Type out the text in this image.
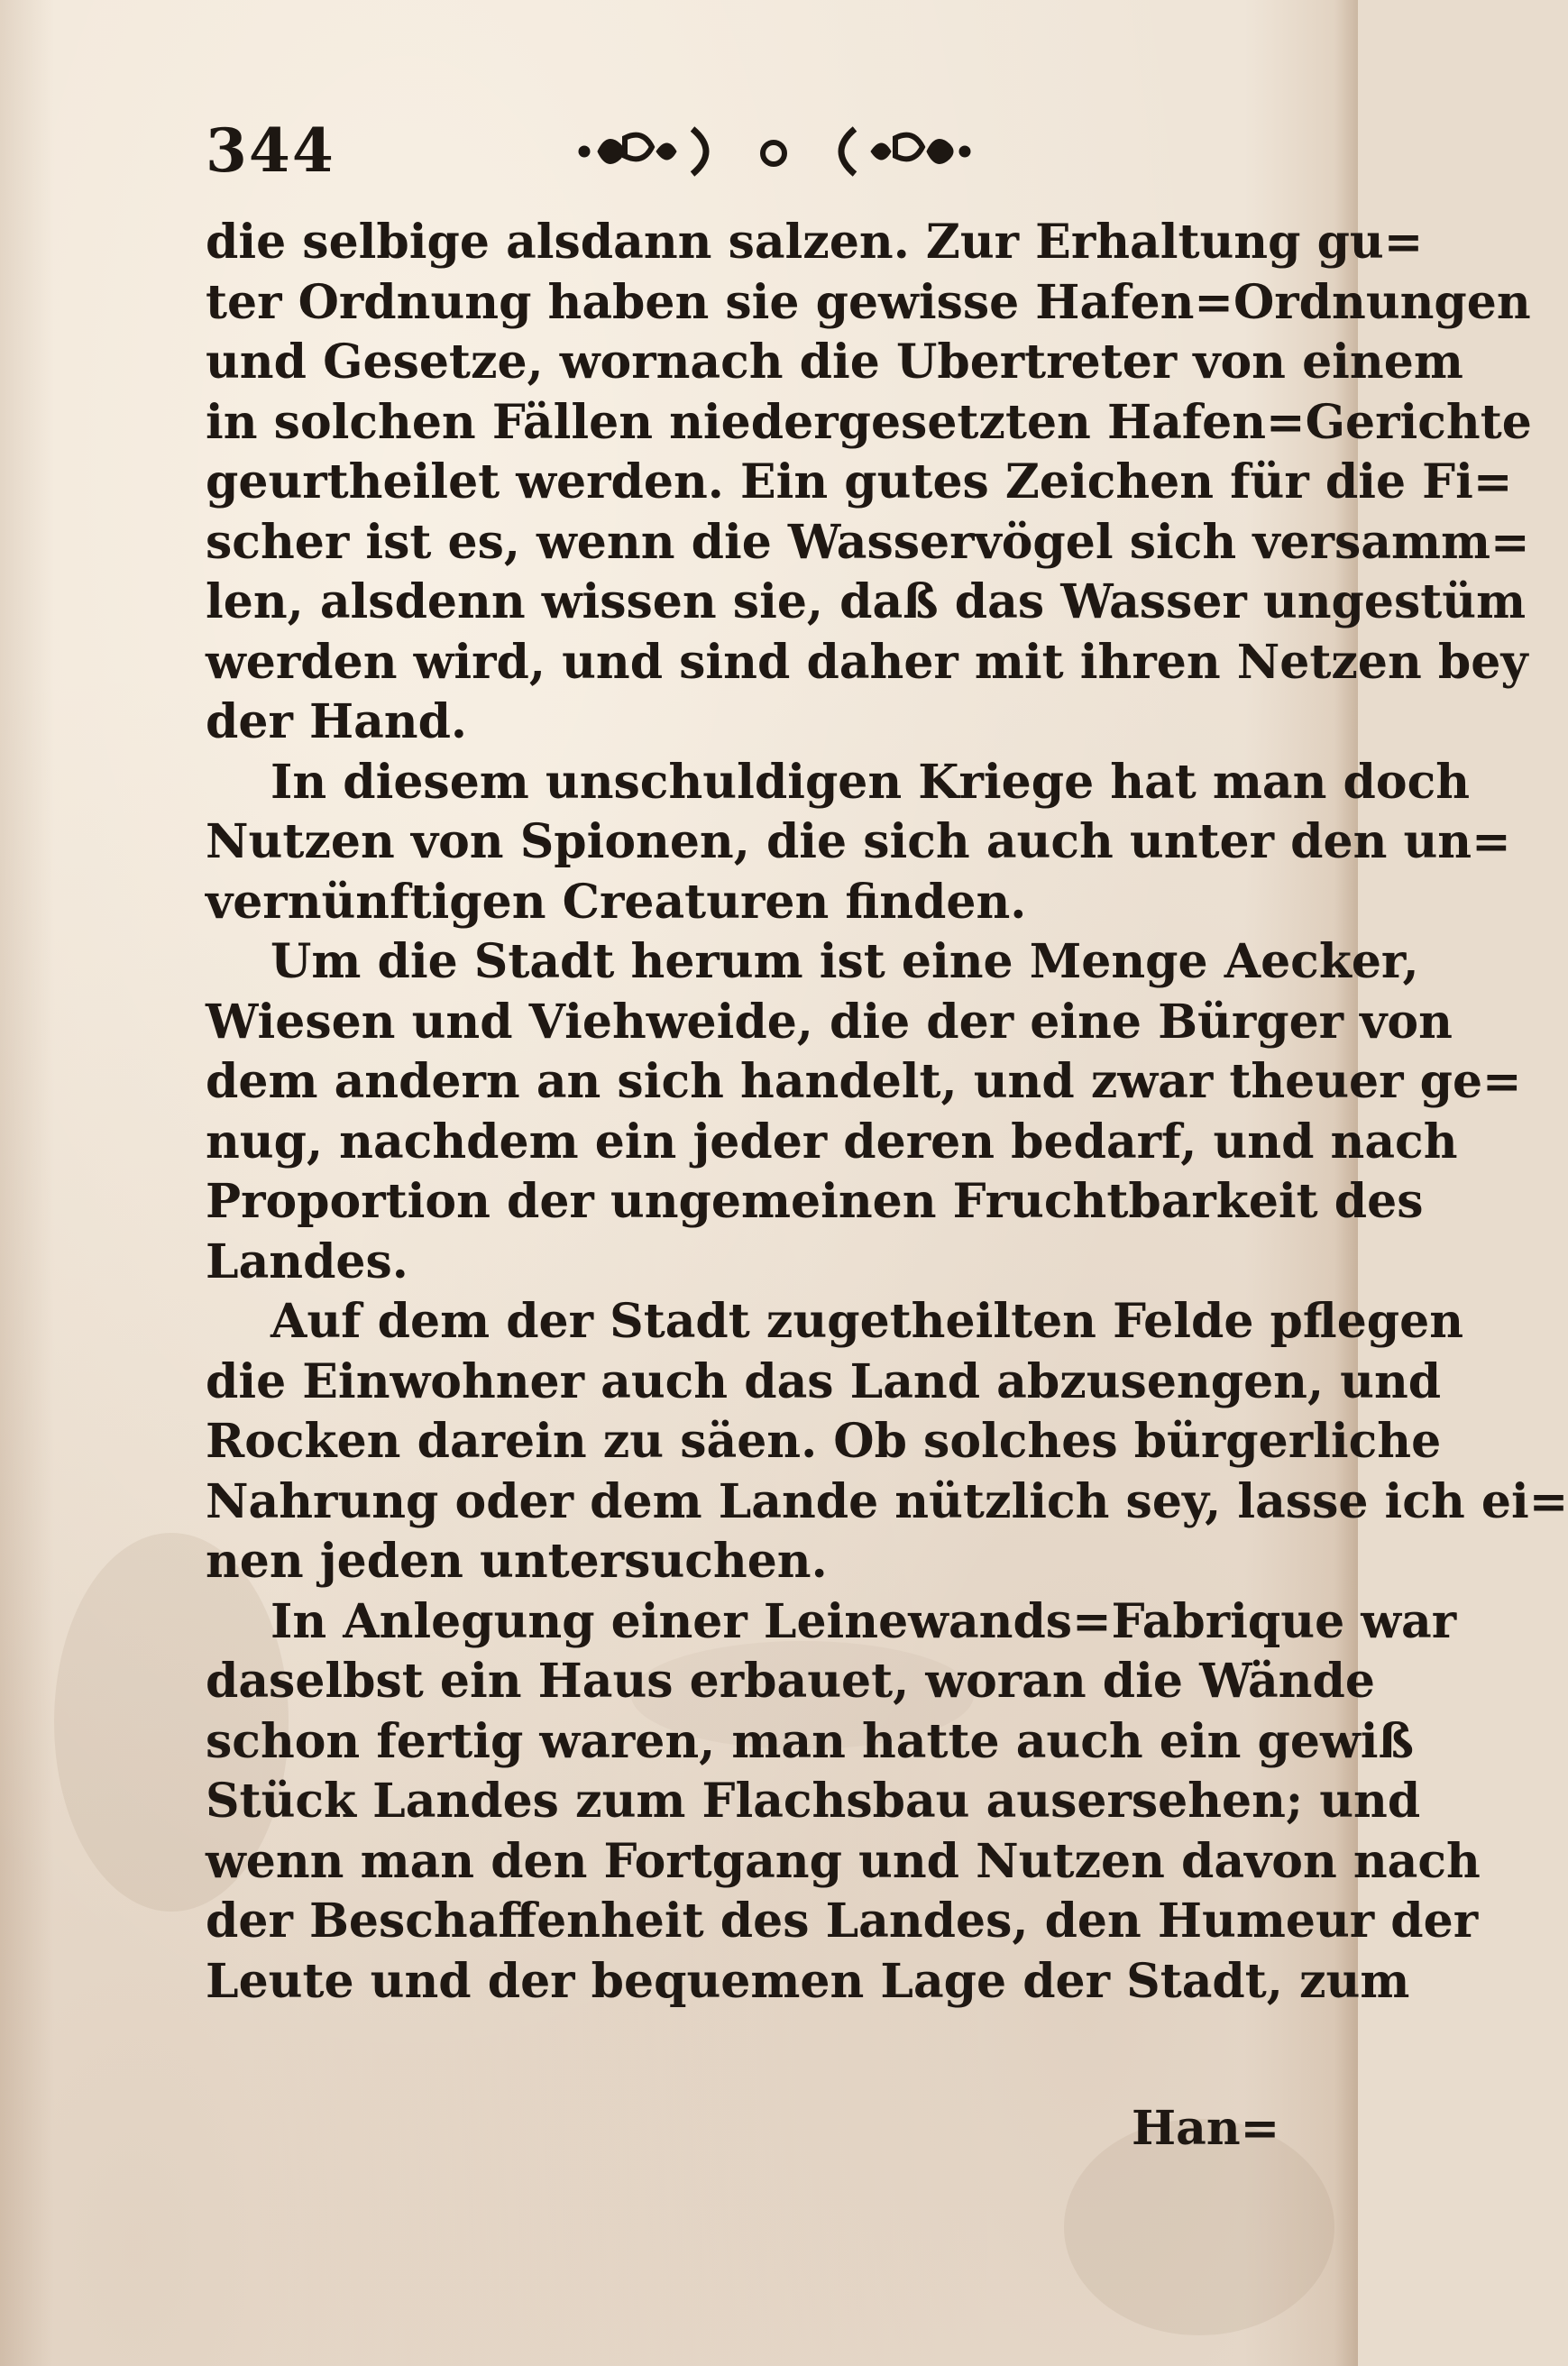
344
die selbige alsdann salzen. Zur Erhaltung gu=
ter Ordnung haben sie gewisse Hafen=Ordnungen
und Gesetze, wornach die Ubertreter von einem
in solchen Fällen niedergesetzten Hafen=Gerichte
geurtheilet werden. Ein gutes Zeichen für die Fi=
scher ist es, wenn die Wasservögel sich versamm=
len, alsdenn wissen sie, daß das Wasser ungestüm
werden wird, und sind daher mit ihren Netzen bey
der Hand.
In diesem unschuldigen Kriege hat man doch
Nutzen von Spionen, die sich auch unter den un=
vernünftigen Creaturen finden.
Um die Stadt herum ist eine Menge Aecker,
Wiesen und Viehweide, die der eine Bürger von
dem andern an sich handelt, und zwar theuer ge=
nug, nachdem ein jeder deren bedarf, und nach
Proportion der ungemeinen Fruchtbarkeit des
Landes.
Auf dem der Stadt zugetheilten Felde pflegen
die Einwohner auch das Land abzusengen, und
Rocken darein zu säen. Ob solches bürgerliche
Nahrung oder dem Lande nützlich sey, lasse ich ei=
nen jeden untersuchen.
In Anlegung einer Leinewands=Fabrique war
daselbst ein Haus erbauet, woran die Wände
schon fertig waren, man hatte auch ein gewiß
Stück Landes zum Flachsbau ausersehen; und
wenn man den Fortgang und Nutzen davon nach
der Beschaffenheit des Landes, den Humeur der
Leute und der bequemen Lage der Stadt, zum
Han=
